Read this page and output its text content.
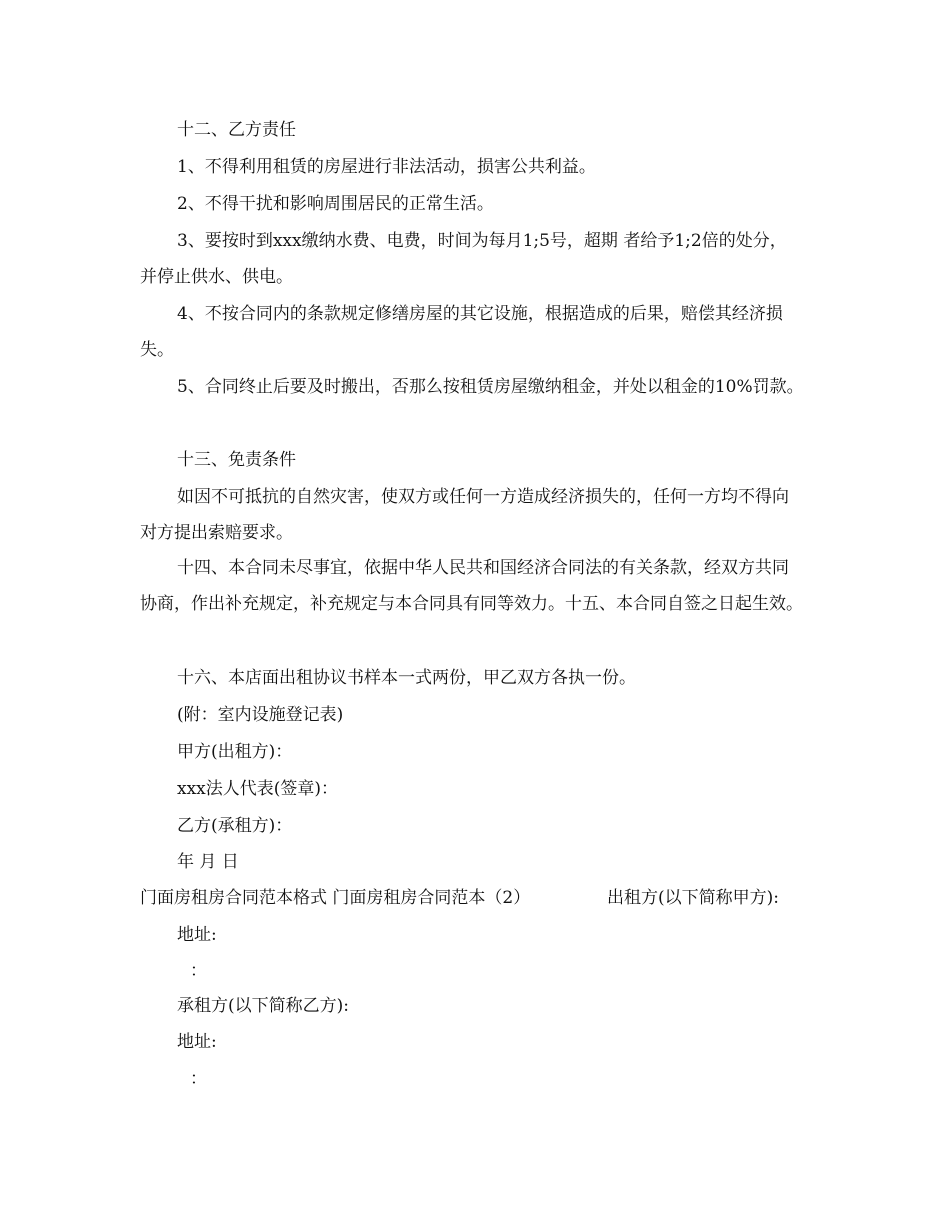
十二、乙方责任

1、不得利用租赁的房屋进行非法活动，损害公共利益。

2、不得干扰和影响周围居民的正常生活。

3、要按时到xxx缴纳水费、电费，时间为每月1;5号，超期 者给予1;2倍的处分， 并停止供水、供电。

4、不按合同内的条款规定修缮房屋的其它设施，根据造成的后果，赔偿其经济损失。

5、合同终止后要及时搬出，否那么按租赁房屋缴纳租金，并处以租金的10%罚款。

十三、免责条件

如因不可抵抗的自然灾害，使双方或任何一方造成经济损失的，任何一方均不得向对方提出索赔要求。

十四、本合同未尽事宜，依据中华人民共和国经济合同法的有关条款，经双方共同协商，作出补充规定，补充规定与本合同具有同等效力。十五、本合同自签之日起生效。

十六、本店面出租协议书样本一式两份，甲乙双方各执一份。

(附：室内设施登记表)

甲方(出租方)：

xxx法人代表(签章)：

乙方(承租方)：

年 月 日

门面房租房合同范本格式 门面房租房合同范本（2）	出租方(以下简称甲方):

地址:

：

承租方(以下简称乙方):

地址:

：
